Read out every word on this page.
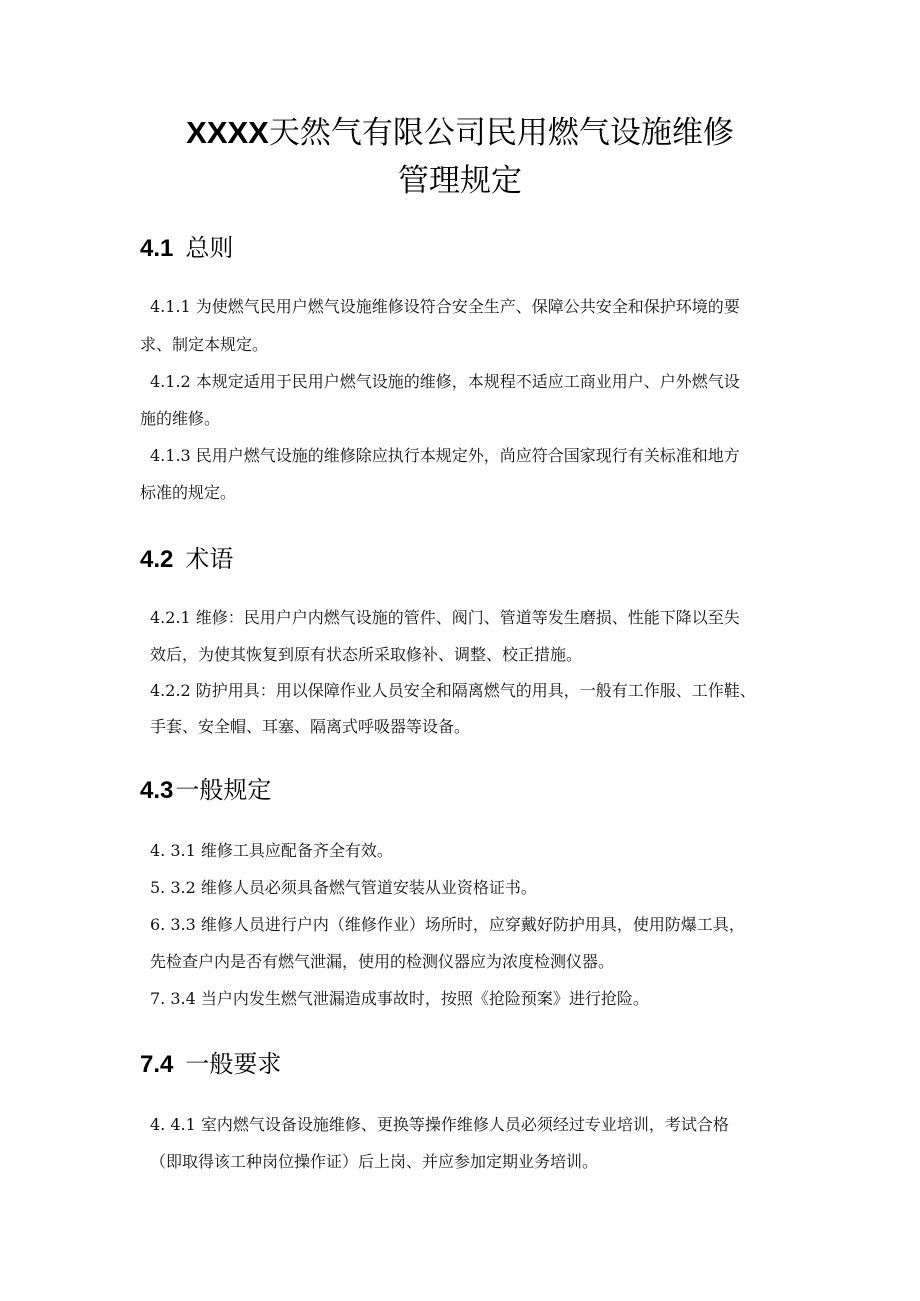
XXXX天然气有限公司民用燃气设施维修
管理规定
4.1 总则
4.1.1 为使燃气民用户燃气设施维修设符合安全生产、保障公共安全和保护环境的要
求、制定本规定。
4.1.2 本规定适用于民用户燃气设施的维修，本规程不适应工商业用户、户外燃气设
施的维修。
4.1.3 民用户燃气设施的维修除应执行本规定外，尚应符合国家现行有关标准和地方
标准的规定。
4.2 术语
4.2.1 维修：民用户户内燃气设施的管件、阀门、管道等发生磨损、性能下降以至失
效后，为使其恢复到原有状态所采取修补、调整、校正措施。
4.2.2 防护用具：用以保障作业人员安全和隔离燃气的用具，一般有工作服、工作鞋、
手套、安全帽、耳塞、隔离式呼吸器等设备。
4.3一般规定
4. 3.1 维修工具应配备齐全有效。
5. 3.2 维修人员必须具备燃气管道安装从业资格证书。
6. 3.3 维修人员进行户内（维修作业）场所时，应穿戴好防护用具，使用防爆工具，
先检查户内是否有燃气泄漏，使用的检测仪器应为浓度检测仪器。
7. 3.4 当户内发生燃气泄漏造成事故时，按照《抢险预案》进行抢险。
7.4 一般要求
4. 4.1 室内燃气设备设施维修、更换等操作维修人员必须经过专业培训，考试合格
（即取得该工种岗位操作证）后上岗、并应参加定期业务培训。
